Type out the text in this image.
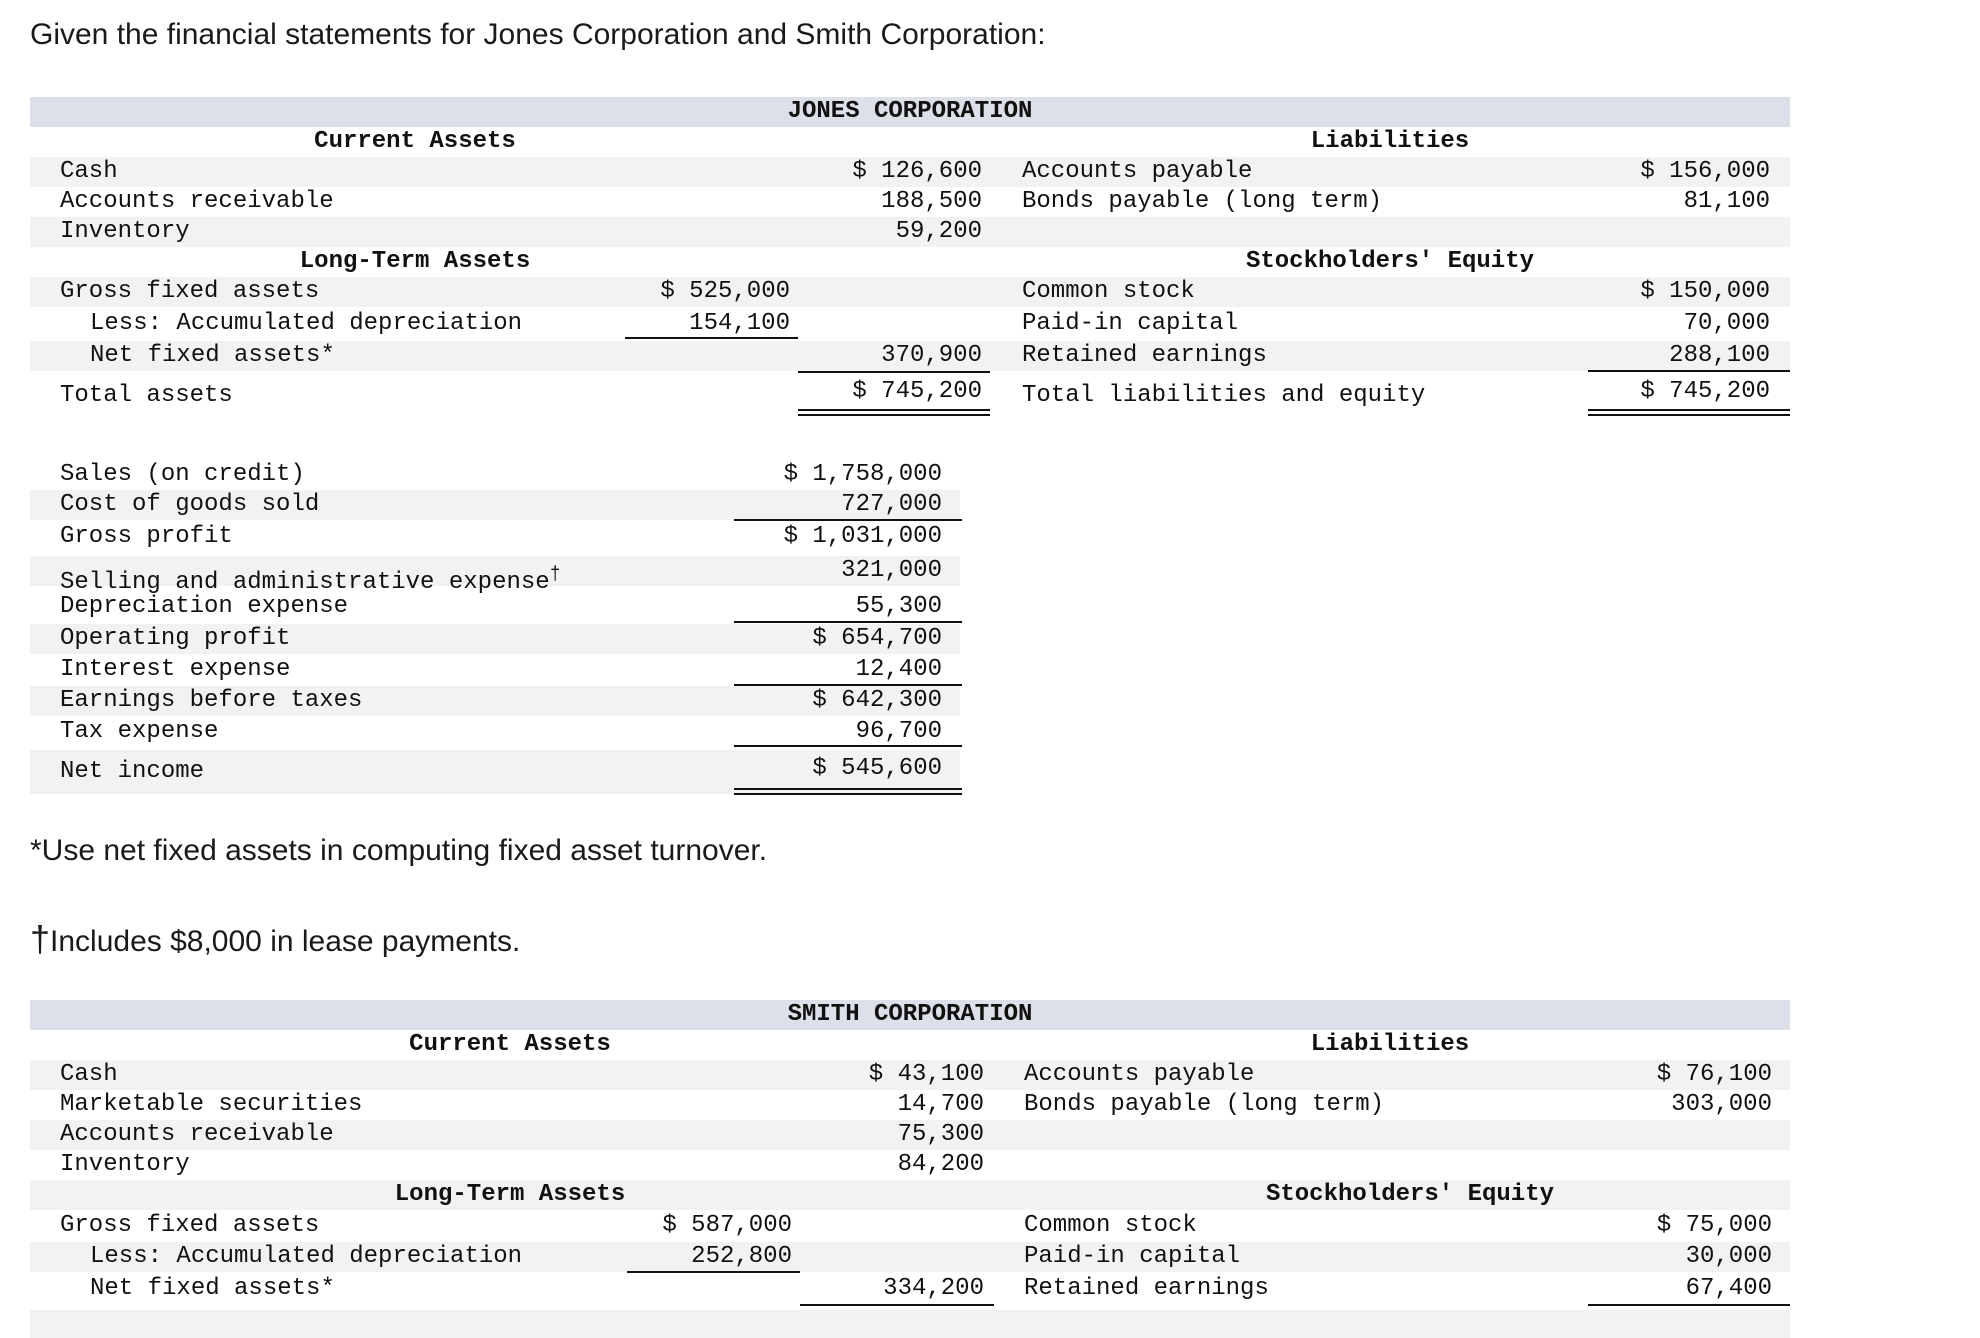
Given the financial statements for Jones Corporation and Smith Corporation:
JONES CORPORATION
Current Assets	Liabilities
Cash	$ 126,600 Accounts payable	$ 156,000
Accounts receivable	188,500 Bonds payable (long term)	81,100
Inventory	59,200
Long-Term Assets	Stockholders' Equity
Gross fixed assets	$ 525,000	Common stock	$ 150,000
Less: Accumulated depreciation	154,100	Paid-in capital	70,000
Net fixed assets*	370,900 Retained earnings	288,100
Total assets	$ 745,200 Total liabilities and equity	$ 745,200
Sales (on credit)	$ 1,758,000
Cost of goods sold	727,000
Gross profit	$ 1,031,000
Selling and administrative expense†	321,000
Depreciation expense	55,300
Operating profit	$ 654,700
Interest expense	12,400
Earnings before taxes	$ 642,300
Tax expense	96,700
Net income	$ 545,600
*Use net fixed assets in computing fixed asset turnover.
†Includes $8,000 in lease payments.
SMITH CORPORATION
Current Assets	Liabilities
Cash	$ 43,100 Accounts payable	$ 76,100
Marketable securities	14,700 Bonds payable (long term)	303,000
Accounts receivable	75,300
Inventory	84,200
Long-Term Assets	Stockholders' Equity
Gross fixed assets	$ 587,000	Common stock	$ 75,000
Less: Accumulated depreciation	252,800	Paid-in capital	30,000
Net fixed assets*	334,200 Retained earnings	67,400
